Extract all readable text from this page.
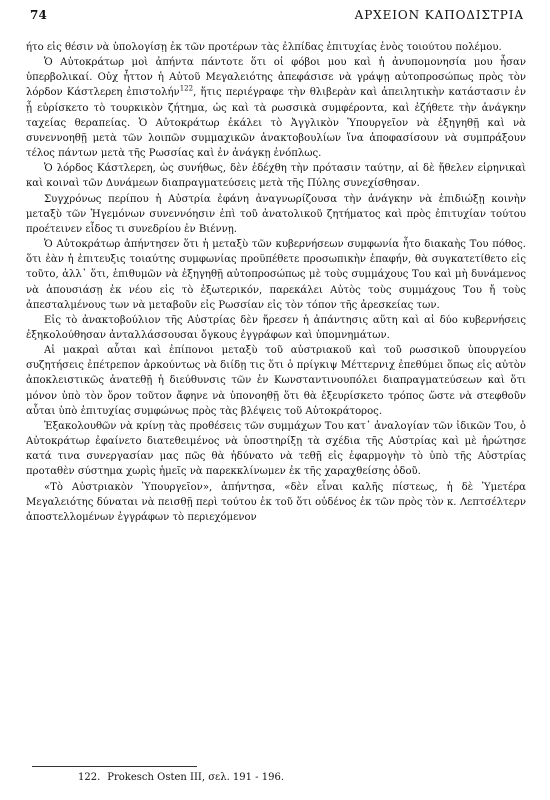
74	ΑΡΧΕΙΟΝ ΚΑΠΟΔΙΣΤΡΙΑ

ήτο εἰς θέσιν νὰ ὑπολογίσῃ ἐκ τῶν προτέρων τὰς ἐλπίδας ἐπιτυχίας ἑνὸς τοιούτου πολέμου.

Ὁ Αὐτοκράτωρ μοὶ ἀπήντα πάντοτε ὅτι οἱ φόβοι μου καὶ ἡ ἀνυπομονησία μου ἦσαν ὑπερβολικαί. Οὐχ ἧττον ἡ Αὐτοῦ Μεγαλειότης ἀπεφάσισε νὰ γράψῃ αὐτοπροσώπως πρὸς τὸν λόρδον Κάστλερεη ἐπιστολήν$^{122}$, ἥτις περιέγραφε τὴν θλιβερὰν καὶ ἀπειλητικὴν κατάστασιν ἐν ᾗ εὑρίσκετο τὸ τουρκικὸν ζήτημα, ὡς καὶ τὰ ρωσσικὰ συμφέροντα, καὶ ἐζήθετε τὴν ἀνάγκην ταχείας θεραπείας. Ὁ Αὐτοκράτωρ ἐκάλει τὸ Ἀγγλικὸν Ὑπουργεῖον νὰ ἐξηγηθῇ καὶ νὰ συνεννοηθῇ μετὰ τῶν λοιπῶν συμμαχικῶν ἀνακτοβουλίων ἵνα ἀποφασίσουν νὰ συμπράξουν τέλος πάντων μετὰ τῆς Ρωσσίας καὶ ἐν ἀνάγκῃ ἐνόπλως.

Ὁ λόρδος Κάστλερεη, ὡς συνήθως, δὲν ἐδέχθη τὴν πρότασιν ταύτην, αἱ δὲ ἤθελεν εἰρηνικαὶ καὶ κοιναὶ τῶν Δυνάμεων διαπραγματεύσεις μετὰ τῆς Πύλης συνεχίσθησαν.

Συγχρόνως περίπου ἡ Αὐστρία ἐφάνη ἀναγνωρίζουσα τὴν ἀνάγκην νὰ ἐπιδιώξῃ κοινὴν μεταξὺ τῶν Ἡγεμόνων συνεννόησιν ἐπὶ τοῦ ἀνατολικοῦ ζητήματος καὶ πρὸς ἐπιτυχίαν τούτου προέτεινεν εἶδος τι συνεδρίου ἐν Βιέννῃ.

Ὁ Αὐτοκράτωρ ἀπήντησεν ὅτι ἡ μεταξὺ τῶν κυβερνήσεων συμφωνία ἦτο διακαὴς Του πόθος. ὅτι ἐὰν ἡ ἐπιτευξις τοιαύτης συμφωνίας προϋπέθετε προσωπικὴν ἐπαφήν, θὰ συγκατετίθετο εἰς τοῦτο, ἀλλ᾽ ὅτι, ἐπιθυμῶν νὰ ἐξηγηθῇ αὐτοπροσώπως μὲ τοὺς συμμάχους Του καὶ μὴ δυνάμενος νὰ ἀπουσιάσῃ ἐκ νέου εἰς τὸ ἐξωτερικόν, παρεκάλει Αὐτὸς τοὺς συμμάχους Του ἤ τοὺς ἀπεσταλμένους των νὰ μεταβοῦν εἰς Ρωσσίαν εἰς τὸν τόπον τῆς ἀρεσκείας των.

Εἰς τὸ ἀνακτοβούλιον τῆς Αὐστρίας δὲν ἤρεσεν ἡ ἀπάντησις αὕτη καὶ αἱ δύο κυβερνήσεις ἐξηκολούθησαν ἀνταλλάσσουσαι ὄγκους ἐγγράφων καὶ ὑπομνημάτων.

Αἱ μακραὶ αὗται καὶ ἐπίπονοι μεταξὺ τοῦ αὐστριακοῦ καὶ τοῦ ρωσσικοῦ ὑπουργείου συζητήσεις ἐπέτρεπον ἀρκούντως νὰ διίδῃ τις ὅτι ὁ πρίγκιψ Μέττερνιχ ἐπεθύμει ὅπως εἰς αὐτὸν ἀποκλειστικῶς ἀνατεθῇ ἡ διεύθυνσις τῶν ἐν Κωνσταντινουπόλει διαπραγματεύσεων καὶ ὅτι μόνον ὑπὸ τὸν ὅρον τοῦτον ἄφηνε νὰ ὑπονοηθῇ ὅτι θὰ ἐξευρίσκετο τρόπος ὥστε νὰ στεφθοῦν αὗται ὑπὸ ἐπιτυχίας συμφώνως πρὸς τὰς βλέψεις τοῦ Αὐτοκράτορος.

Ἐξακολουθῶν νὰ κρίνῃ τὰς προθέσεις τῶν συμμάχων Του κατ᾽ ἀναλογίαν τῶν ἰδικῶν Του, ὁ Αὐτοκράτωρ ἐφαίνετο διατεθειμένος νὰ ὑποστηρίξῃ τὰ σχέδια τῆς Αὐστρίας καὶ μὲ ἠρώτησε κατά τινα συνεργασίαν μας πῶς θὰ ἠδύνατο νὰ τεθῇ εἰς ἐφαρμογὴν τὸ ὑπὸ τῆς Αὐστρίας προταθὲν σύστημα χωρὶς ἡμεῖς νὰ παρεκκλίνωμεν ἐκ τῆς χαραχθείσης ὁδοῦ.

«Τὸ Αὐστριακὸν Ὑπουργεῖον», ἀπήντησα, «δὲν εἶναι καλῆς πίστεως, ἡ δὲ Ὑμετέρα Μεγαλειότης δύναται νὰ πεισθῇ περὶ τούτου ἐκ τοῦ ὅτι οὐδένος ἐκ τῶν πρὸς τὸν κ. Λεπτσέλτερν ἀποστελλομένων ἐγγράφων τὸ περιεχόμενον

122. Prokesch Osten III, σελ. 191 - 196.
